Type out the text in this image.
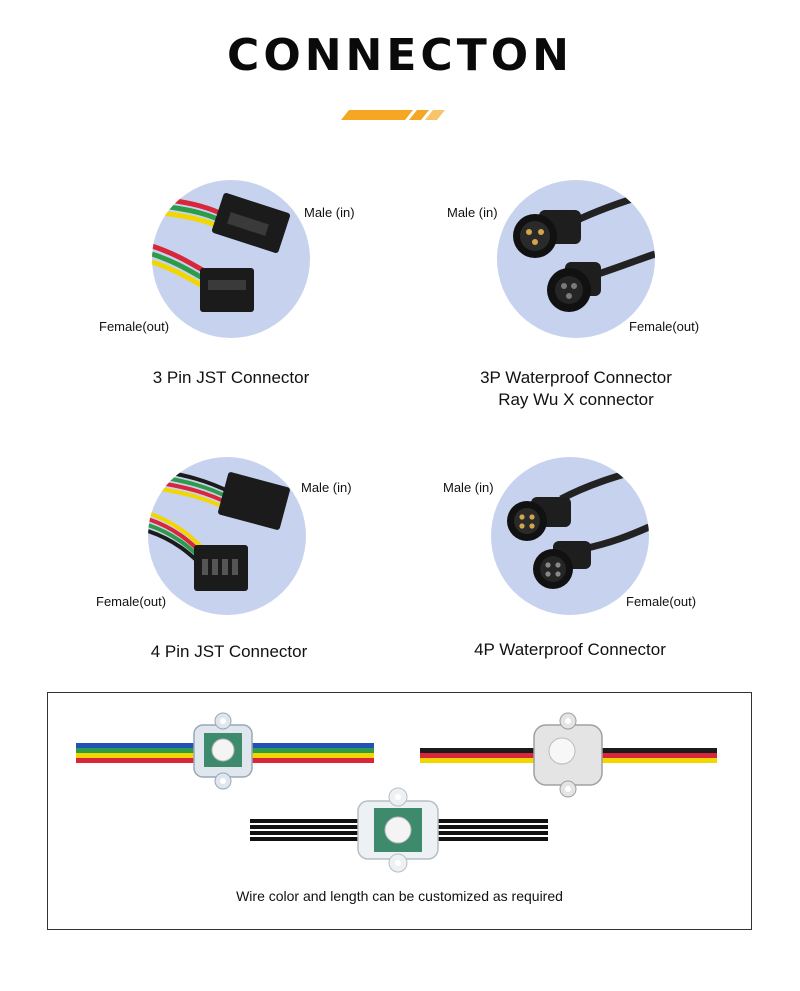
CONNECTON
Male (in)
Female(out)
3 Pin JST Connector
Male (in)
Female(out)
3P Waterproof Connector
Ray Wu X connector
Male (in)
Female(out)
4 Pin JST Connector
Male (in)
Female(out)
4P Waterproof Connector
Wire color and length can be customized as required
